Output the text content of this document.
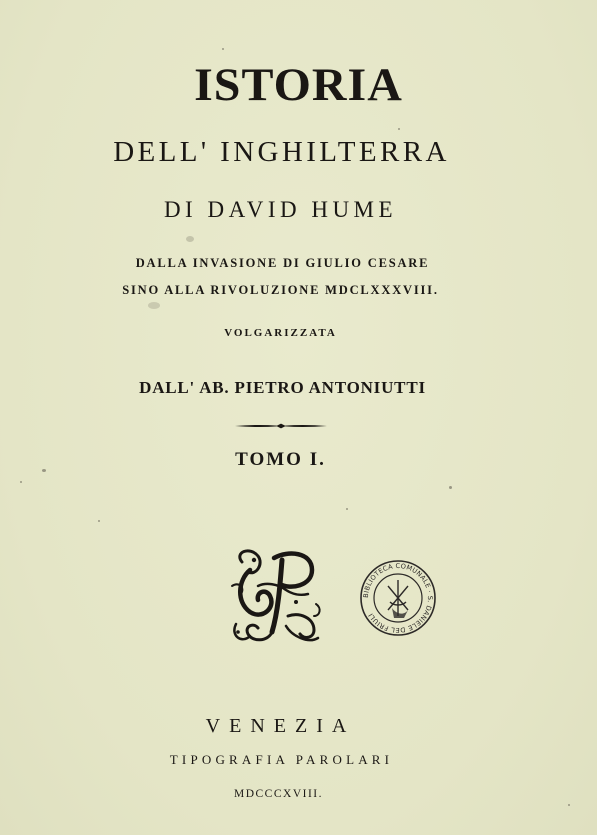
ISTORIA
DELL' INGHILTERRA
DI DAVID HUME
DALLA INVASIONE DI GIULIO CESARE
SINO ALLA RIVOLUZIONE MDCLXXXVIII.
VOLGARIZZATA
DALL' AB. PIETRO ANTONIUTTI
TOMO I.
BIBLIOTECA COMUNALE · S. DANIELE DEL FRIULI
VENEZIA
TIPOGRAFIA PAROLARI
MDCCCXVIII.
